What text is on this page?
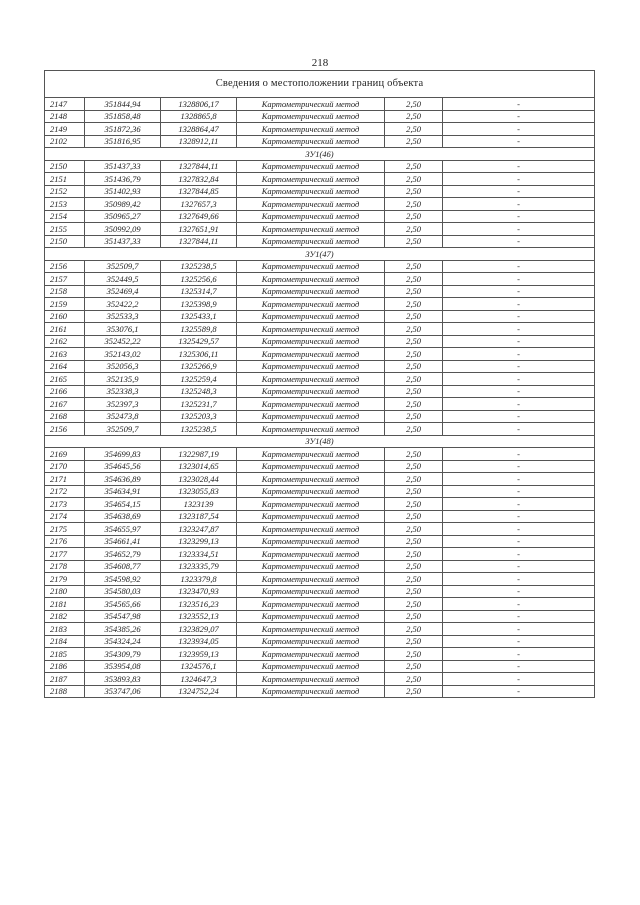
218
Сведения о местоположении границ объекта					
2147	351844,94	1328806,17	Картометрический метод	2,50	-
2148	351858,48	1328865,8	Картометрический метод	2,50	-
2149	351872,36	1328864,47	Картометрический метод	2,50	-
2102	351816,95	1328912,11	Картометрический метод	2,50	-
ЗУ1(46)					
2150	351437,33	1327844,11	Картометрический метод	2,50	-
2151	351436,79	1327832,84	Картометрический метод	2,50	-
2152	351402,93	1327844,85	Картометрический метод	2,50	-
2153	350989,42	1327657,3	Картометрический метод	2,50	-
2154	350965,27	1327649,66	Картометрический метод	2,50	-
2155	350992,09	1327651,91	Картометрический метод	2,50	-
2150	351437,33	1327844,11	Картометрический метод	2,50	-
ЗУ1(47)					
2156	352509,7	1325238,5	Картометрический метод	2,50	-
2157	352449,5	1325256,6	Картометрический метод	2,50	-
2158	352469,4	1325314,7	Картометрический метод	2,50	-
2159	352422,2	1325398,9	Картометрический метод	2,50	-
2160	352533,3	1325433,1	Картометрический метод	2,50	-
2161	353076,1	1325589,8	Картометрический метод	2,50	-
2162	352452,22	1325429,57	Картометрический метод	2,50	-
2163	352143,02	1325306,11	Картометрический метод	2,50	-
2164	352056,3	1325266,9	Картометрический метод	2,50	-
2165	352135,9	1325259,4	Картометрический метод	2,50	-
2166	352338,3	1325248,3	Картометрический метод	2,50	-
2167	352397,3	1325231,7	Картометрический метод	2,50	-
2168	352473,8	1325203,3	Картометрический метод	2,50	-
2156	352509,7	1325238,5	Картометрический метод	2,50	-
ЗУ1(48)					
2169	354699,83	1322987,19	Картометрический метод	2,50	-
2170	354645,56	1323014,65	Картометрический метод	2,50	-
2171	354636,89	1323028,44	Картометрический метод	2,50	-
2172	354634,91	1323055,83	Картометрический метод	2,50	-
2173	354654,15	1323139	Картометрический метод	2,50	-
2174	354638,69	1323187,54	Картометрический метод	2,50	-
2175	354655,97	1323247,87	Картометрический метод	2,50	-
2176	354661,41	1323299,13	Картометрический метод	2,50	-
2177	354652,79	1323334,51	Картометрический метод	2,50	-
2178	354608,77	1323335,79	Картометрический метод	2,50	-
2179	354598,92	1323379,8	Картометрический метод	2,50	-
2180	354580,03	1323470,93	Картометрический метод	2,50	-
2181	354565,66	1323516,23	Картометрический метод	2,50	-
2182	354547,98	1323552,13	Картометрический метод	2,50	-
2183	354385,26	1323829,07	Картометрический метод	2,50	-
2184	354324,24	1323934,05	Картометрический метод	2,50	-
2185	354309,79	1323959,13	Картометрический метод	2,50	-
2186	353954,08	1324576,1	Картометрический метод	2,50	-
2187	353893,83	1324647,3	Картометрический метод	2,50	-
2188	353747,06	1324752,24	Картометрический метод	2,50	-
